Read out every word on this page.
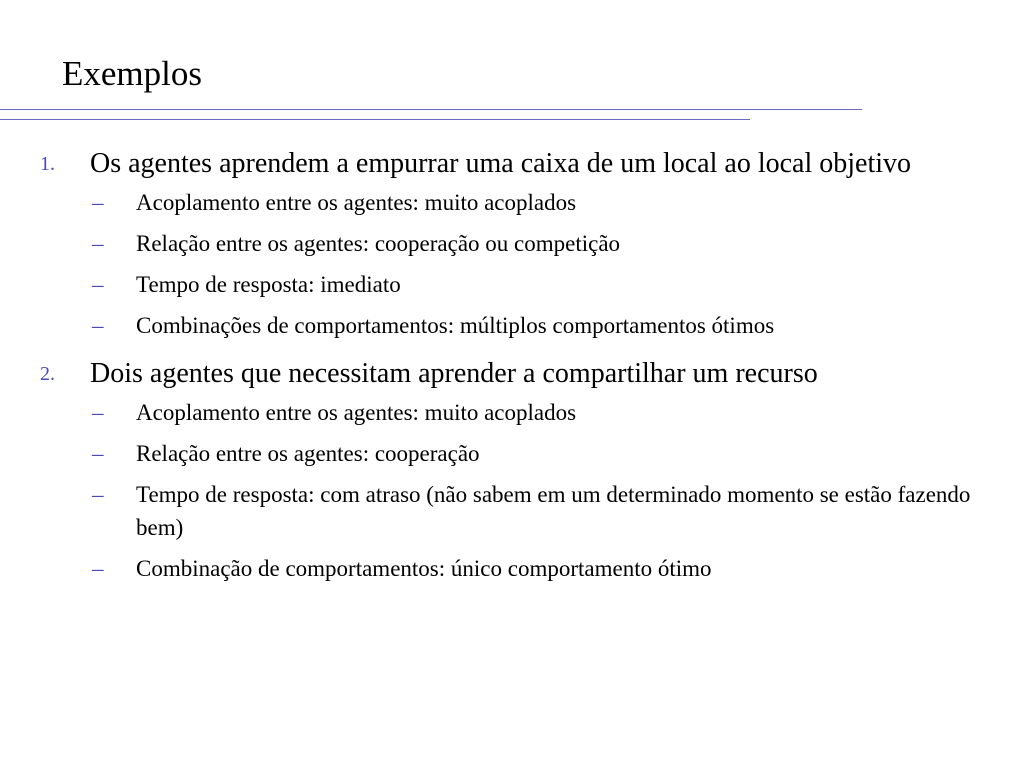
Exemplos
1. Os agentes aprendem a empurrar uma caixa de um local ao local objetivo
– Acoplamento entre os agentes: muito acoplados
– Relação entre os agentes: cooperação ou competição
– Tempo de resposta: imediato
– Combinações de comportamentos: múltiplos comportamentos ótimos
2. Dois agentes que necessitam aprender a compartilhar um recurso
– Acoplamento entre os agentes: muito acoplados
– Relação entre os agentes: cooperação
– Tempo de resposta: com atraso (não sabem em um determinado momento se estão fazendo bem)
– Combinação de comportamentos: único comportamento ótimo
